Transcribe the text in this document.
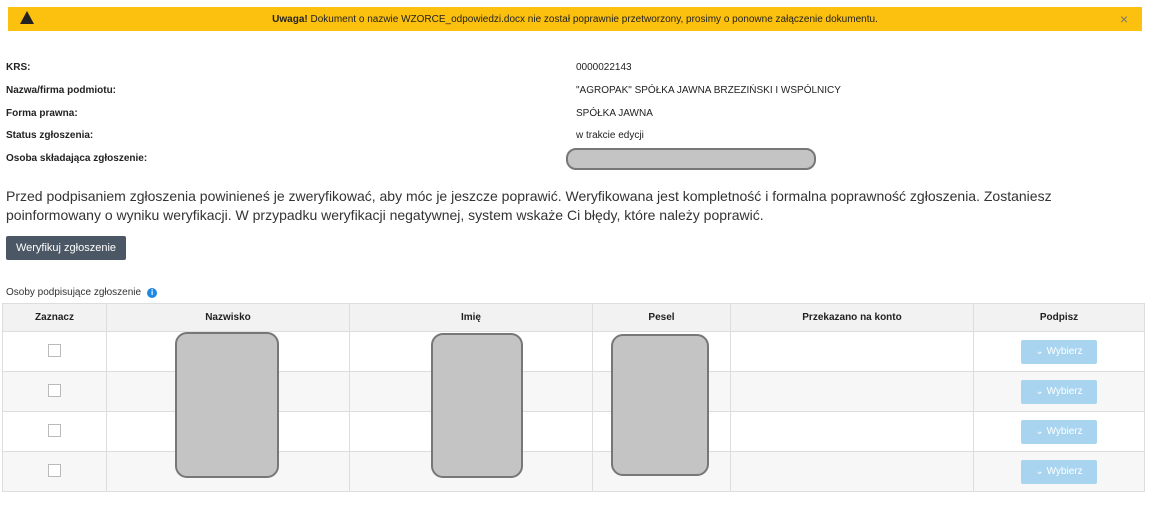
Uwaga! Dokument o nazwie WZORCE_odpowiedzi.docx nie został poprawnie przetworzony, prosimy o ponowne załączenie dokumentu.	×
KRS:	0000022143
Nazwa/firma podmiotu:	"AGROPAK" SPÓŁKA JAWNA BRZEZIŃSKI I WSPÓLNICY
Forma prawna:	SPÓŁKA JAWNA
Status zgłoszenia:	w trakcie edycji
Osoba składająca zgłoszenie:
Przed podpisaniem zgłoszenia powinieneś je zweryfikować, aby móc je jeszcze poprawić. Weryfikowana jest kompletność i formalna poprawność zgłoszenia. Zostaniesz poinformowany o wyniku weryfikacji. W przypadku weryfikacji negatywnej, system wskaże Ci błędy, które należy poprawić.
Weryfikuj zgłoszenie
Osoby podpisujące zgłoszenie	i
Zaznacz	Nazwisko	Imię	Pesel	Przekazano na konto	Podpisz
					⌄ Wybierz
					⌄ Wybierz
					⌄ Wybierz
					⌄ Wybierz
